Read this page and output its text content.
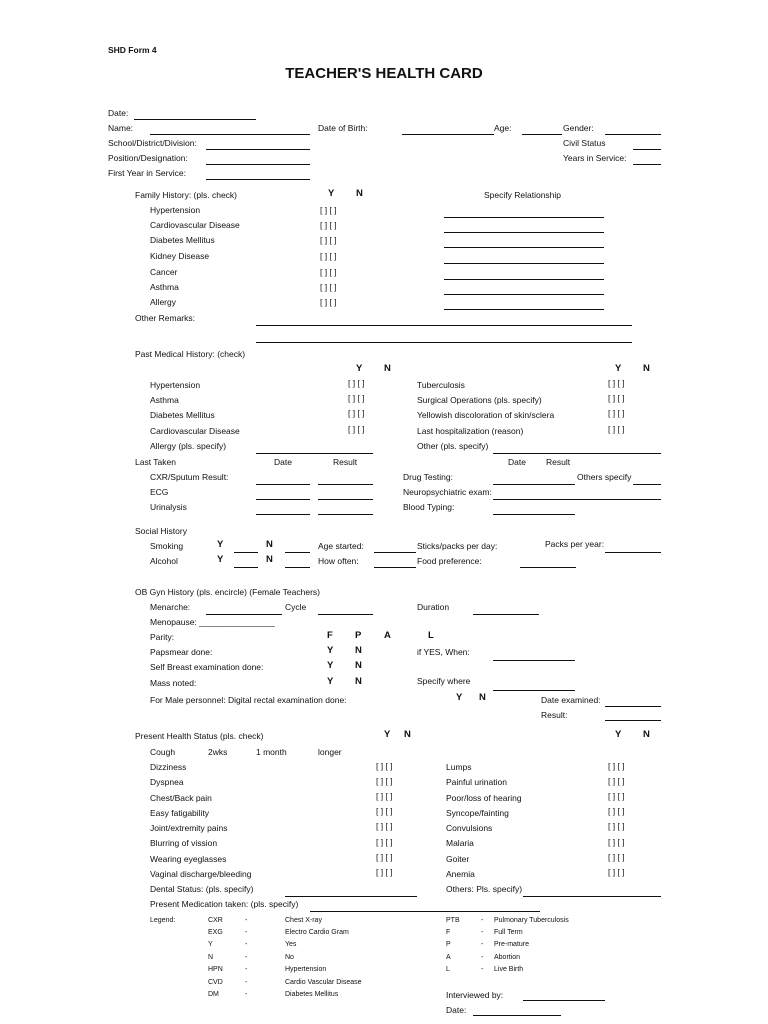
SHD Form 4
TEACHER'S HEALTH CARD
Date:
Name:	Date of Birth:	Age:	Gender:
School/District/Division:	Civil Status
Position/Designation:	Years in Service:
First Year in Service:
Family History: (pls. check)	Y N	Specify Relationship
Hypertension	[ ] [ ]
Cardiovascular Disease	[ ] [ ]
Diabetes Mellitus	[ ] [ ]
Kidney Disease	[ ] [ ]
Cancer	[ ] [ ]
Asthma	[ ] [ ]
Allergy	[ ] [ ]
Other Remarks:
Past Medical History: (check)
Y N	Y N
Hypertension	[ ] [ ]	Tuberculosis	[ ] [ ]
Asthma	[ ] [ ]	Surgical Operations (pls. specify)	[ ] [ ]
Diabetes Mellitus	[ ] [ ]	Yellowish discoloration of skin/sclera	[ ] [ ]
Cardiovascular Disease	[ ] [ ]	Last hospitalization (reason)	[ ] [ ]
Allergy (pls. specify)	Other (pls. specify)
Last Taken	Date	Result	Date Result
CXR/Sputum Result:	Drug Testing:	Others specify
ECG	Neuropsychiatric exam:
Urinalysis	Blood Typing:
Social History
Smoking	Y	N	Age started:	Sticks/packs per day:	Packs per year:
Alcohol	Y	N	How often:	Food preference:
OB Gyn History (pls. encircle) (Female Teachers)
Menarche:	Cycle	Duration
Menopause: ________________
Parity:	F P A	L
Papsmear done:	Y N	if YES, When:
Self Breast examination done:	Y N
Mass noted:	Y N	Specify where
For Male personnel: Digital rectal examination done:	Y N	Date examined:
Result:
Present Health Status (pls. check)	Y N	Y N
Cough	2wks	1 month	longer
Dizziness	[ ] [ ]	Lumps	[ ] [ ]
Dyspnea	[ ] [ ]	Painful urination	[ ] [ ]
Chest/Back pain	[ ] [ ]	Poor/loss of hearing	[ ] [ ]
Easy fatigability	[ ] [ ]	Syncope/fainting	[ ] [ ]
Joint/extremity pains	[ ] [ ]	Convulsions	[ ] [ ]
Blurring of vission	[ ] [ ]	Malaria	[ ] [ ]
Wearing eyeglasses	[ ] [ ]	Goiter	[ ] [ ]
Vaginal discharge/bleeding	[ ] [ ]	Anemia	[ ] [ ]
Dental Status: (pls. specify)	Others: Pls. specify)
Present Medication taken: (pls. specify)
Legend:	CXR	-	Chest X-ray
EXG	-	Electro Cardio Gram
Y	-	Yes
N	-	No
HPN	-	Hypertension
CVD	-	Cardio Vascular Disease
DM	-	Diabetes Mellitus
PTB	- Pulmonary Tuberculosis
F	- Full Term
P	- Pre-mature
A	- Abortion
L	- Live Birth
Interviewed by:
Date:
